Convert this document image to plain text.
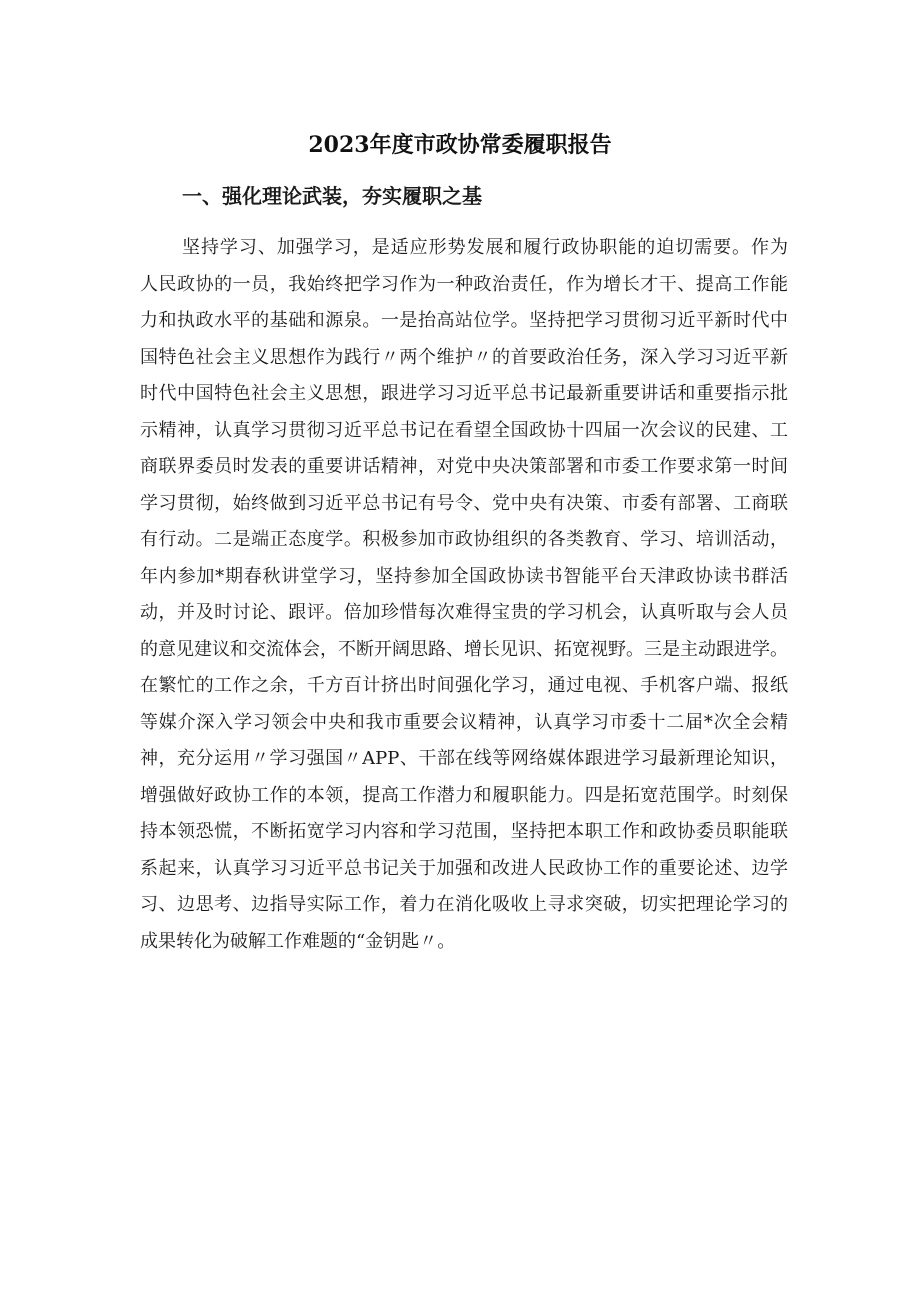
2023年度市政协常委履职报告
一、强化理论武装，夯实履职之基
坚持学习、加强学习，是适应形势发展和履行政协职能的迫切需要。作为
人民政协的一员，我始终把学习作为一种政治责任，作为增长才干、提高工作能
力和执政水平的基础和源泉。一是抬高站位学。坚持把学习贯彻习近平新时代中
国特色社会主义思想作为践行〃两个维护〃的首要政治任务，深入学习习近平新
时代中国特色社会主义思想，跟进学习习近平总书记最新重要讲话和重要指示批
示精神，认真学习贯彻习近平总书记在看望全国政协十四届一次会议的民建、工
商联界委员时发表的重要讲话精神，对党中央决策部署和市委工作要求第一时间
学习贯彻，始终做到习近平总书记有号令、党中央有决策、市委有部署、工商联
有行动。二是端正态度学。积极参加市政协组织的各类教育、学习、培训活动，
年内参加*期春秋讲堂学习，坚持参加全国政协读书智能平台天津政协读书群活
动，并及时讨论、跟评。倍加珍惜每次难得宝贵的学习机会，认真听取与会人员
的意见建议和交流体会，不断开阔思路、增长见识、拓宽视野。三是主动跟进学。
在繁忙的工作之余，千方百计挤出时间强化学习，通过电视、手机客户端、报纸
等媒介深入学习领会中央和我市重要会议精神，认真学习市委十二届*次全会精
神，充分运用〃学习强国〃APP、干部在线等网络媒体跟进学习最新理论知识，
增强做好政协工作的本领，提高工作潜力和履职能力。四是拓宽范围学。时刻保
持本领恐慌，不断拓宽学习内容和学习范围，坚持把本职工作和政协委员职能联
系起来，认真学习习近平总书记关于加强和改进人民政协工作的重要论述、边学
习、边思考、边指导实际工作，着力在消化吸收上寻求突破，切实把理论学习的
成果转化为破解工作难题的“金钥匙〃。
